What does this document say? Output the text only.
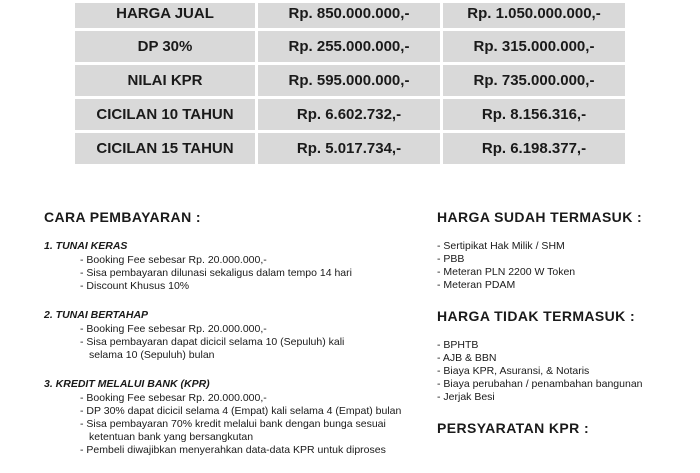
HARGA JUAL	Rp. 850.000.000,-	Rp. 1.050.000.000,-
DP 30%	Rp. 255.000.000,-	Rp. 315.000.000,-
NILAI KPR	Rp. 595.000.000,-	Rp. 735.000.000,-
CICILAN 10 TAHUN	Rp. 6.602.732,-	Rp. 8.156.316,-
CICILAN 15 TAHUN	Rp. 5.017.734,-	Rp. 6.198.377,-
CARA PEMBAYARAN :
1. TUNAI KERAS
- Booking Fee sebesar Rp. 20.000.000,-
- Sisa pembayaran dilunasi sekaligus dalam tempo 14 hari
- Discount Khusus 10%
2. TUNAI BERTAHAP
- Booking Fee sebesar Rp. 20.000.000,-
- Sisa pembayaran dapat dicicil selama 10 (Sepuluh) kali
selama 10 (Sepuluh) bulan
3. KREDIT MELALUI BANK (KPR)
- Booking Fee sebesar Rp. 20.000.000,-
- DP 30% dapat dicicil selama 4 (Empat) kali selama 4 (Empat) bulan
- Sisa pembayaran 70% kredit melalui bank dengan bunga sesuai
ketentuan bank yang bersangkutan
- Pembeli diwajibkan menyerahkan data-data KPR untuk diproses
HARGA SUDAH TERMASUK :
- Sertipikat Hak Milik / SHM
- PBB
- Meteran PLN 2200 W Token
- Meteran PDAM
HARGA TIDAK TERMASUK :
- BPHTB
- AJB & BBN
- Biaya KPR, Asuransi, & Notaris
- Biaya perubahan / penambahan bangunan
- Jerjak Besi
PERSYARATAN KPR :
